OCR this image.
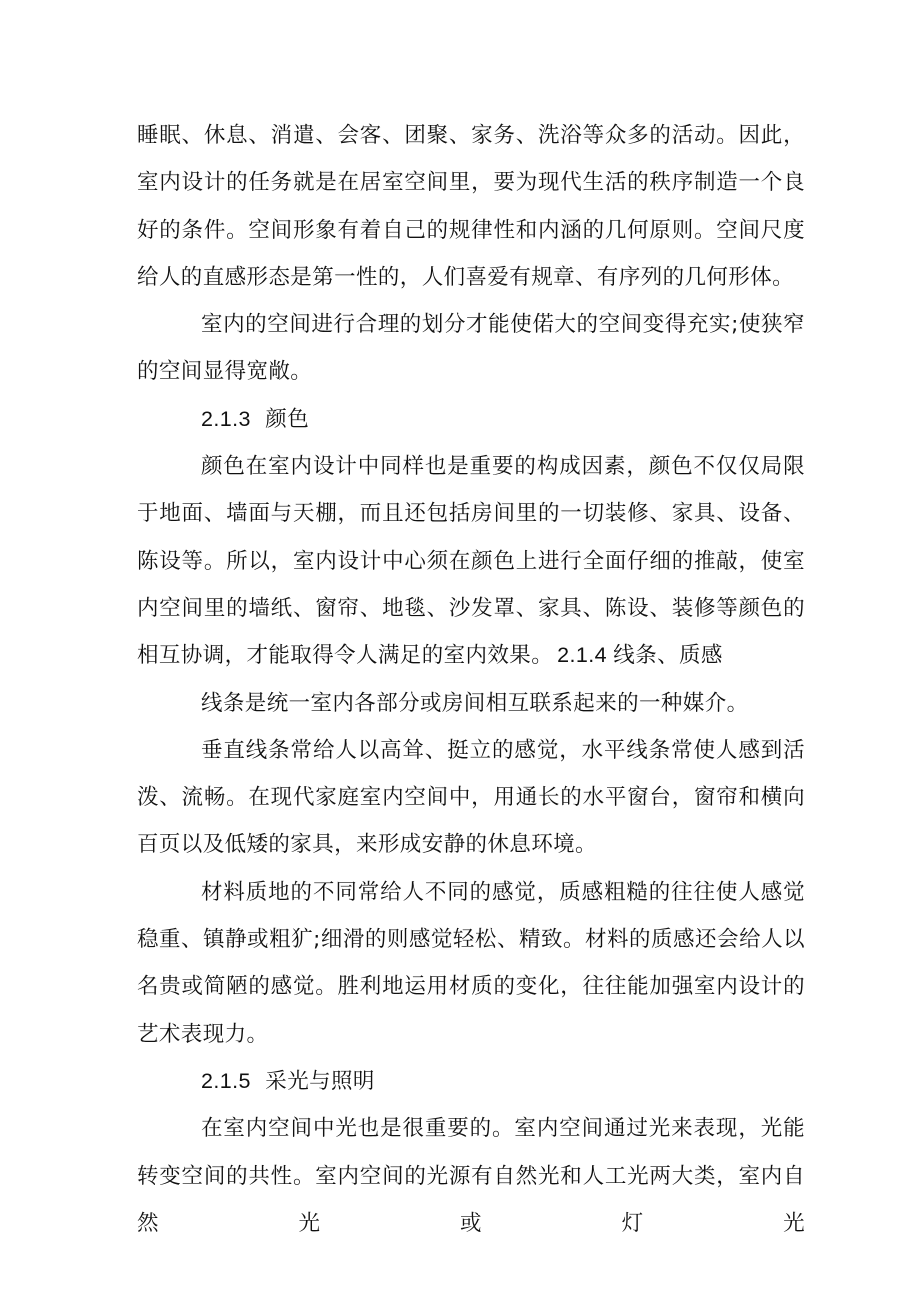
睡眠、休息、消遣、会客、团聚、家务、洗浴等众多的活动。因此，室内设计的任务就是在居室空间里，要为现代生活的秩序制造一个良好的条件。空间形象有着自己的规律性和内涵的几何原则。空间尺度给人的直感形态是第一性的，人们喜爱有规章、有序列的几何形体。

室内的空间进行合理的划分才能使偌大的空间变得充实;使狭窄的空间显得宽敞。

2.1.3 颜色

颜色在室内设计中同样也是重要的构成因素，颜色不仅仅局限于地面、墙面与天棚，而且还包括房间里的一切装修、家具、设备、陈设等。所以，室内设计中心须在颜色上进行全面仔细的推敲，使室内空间里的墙纸、窗帘、地毯、沙发罩、家具、陈设、装修等颜色的相互协调，才能取得令人满足的室内效果。 2.1.4 线条、质感

线条是统一室内各部分或房间相互联系起来的一种媒介。

垂直线条常给人以高耸、挺立的感觉，水平线条常使人感到活泼、流畅。在现代家庭室内空间中，用通长的水平窗台，窗帘和横向百页以及低矮的家具，来形成安静的休息环境。

材料质地的不同常给人不同的感觉，质感粗糙的往往使人感觉稳重、镇静或粗犷;细滑的则感觉轻松、精致。材料的质感还会给人以名贵或简陋的感觉。胜利地运用材质的变化，往往能加强室内设计的艺术表现力。

2.1.5 采光与照明

在室内空间中光也是很重要的。室内空间通过光来表现，光能转变空间的共性。室内空间的光源有自然光和人工光两大类，室内自然光或灯光
